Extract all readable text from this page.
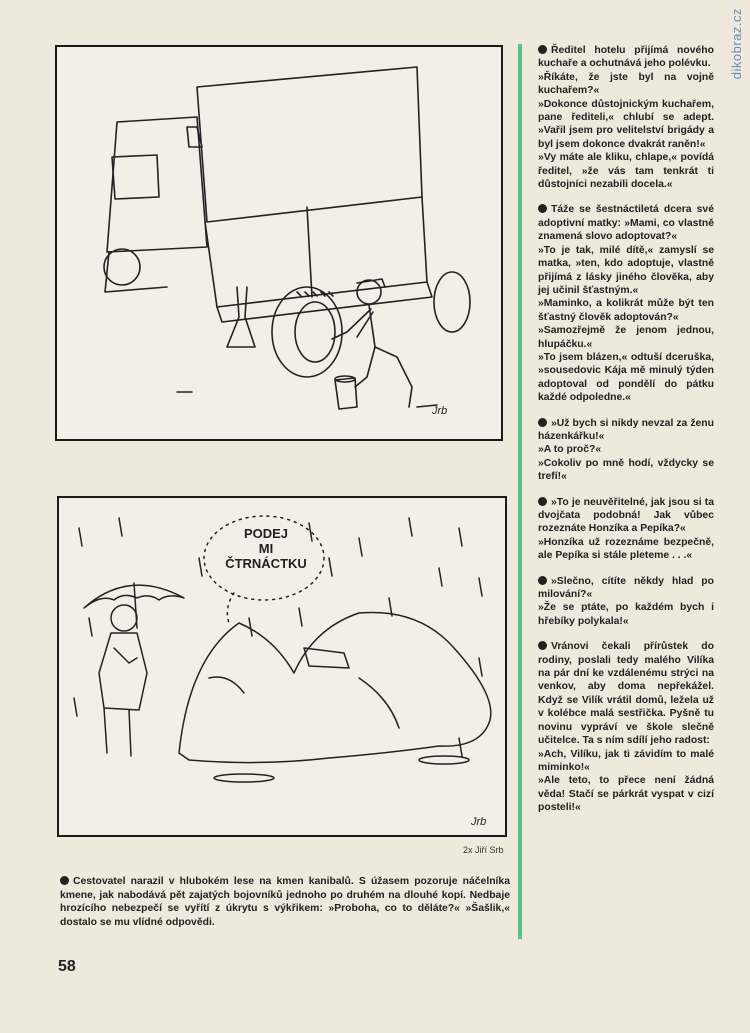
dikobraz.cz
Jrb
PODEJ
MI
ČTRNÁCTKU
Jrb
2x Jiří Srb
Cestovatel narazil v hlubokém lese na kmen kanibalů. S úžasem pozoruje náčelníka kmene, jak nabodává pět zajatých bojovníků jednoho po druhém na dlouhé kopí. Nedbaje hrozícího nebezpečí se vyřítí z úkrytu s výkřikem: »Proboha, co to děláte?« »Šašlik,« dostalo se mu vlídné odpovědi.
58

Ředitel hotelu přijímá nového kuchaře a ochutnává jeho polévku.

»Říkáte, že jste byl na vojně kuchařem?«

»Dokonce důstojnickým kuchařem, pane řediteli,« chlubí se adept. »Vařil jsem pro velitelství brigády a byl jsem dokonce dvakrát raněn!«

»Vy máte ale kliku, chlape,« povídá ředitel, »že vás tam tenkrát ti důstojníci nezabili docela.«

Táže se šestnáctiletá dcera své adoptivní matky: »Mami, co vlastně znamená slovo adoptovat?«

»To je tak, milé dítě,« zamyslí se matka, »ten, kdo adoptuje, vlastně přijímá z lásky jiného člověka, aby jej učinil šťastným.«

»Maminko, a kolikrát může být ten šťastný člověk adoptován?«

»Samozřejmě že jenom jednou, hlupáčku.«

»To jsem blázen,« odtuší dceruška, »sousedovic Kája mě minulý týden adoptoval od pondělí do pátku každé odpoledne.«

»Už bych si nikdy nevzal za ženu házenkářku!«

»A to proč?«

»Cokoliv po mně hodí, vždycky se trefí!«

»To je neuvěřitelné, jak jsou si ta dvojčata podobná! Jak vůbec rozeznáte Honzíka a Pepíka?«

»Honzíka už rozeznáme bezpečně, ale Pepíka si stále pleteme . . .«

»Slečno, cítíte někdy hlad po milování?«

»Že se ptáte, po každém bych i hřebíky polykala!«

Vránovi čekali přírůstek do rodiny, poslali tedy malého Vilíka na pár dní ke vzdálenému strýci na venkov, aby doma nepřekážel. Když se Vilík vrátil domů, ležela už v kolébce malá sestřička. Pyšně tu novinu vypráví ve škole slečně učitelce. Ta s ním sdílí jeho radost:

»Ach, Vilíku, jak ti závidím to malé miminko!«

»Ale teto, to přece není žádná věda! Stačí se párkrát vyspat v cizí posteli!«
